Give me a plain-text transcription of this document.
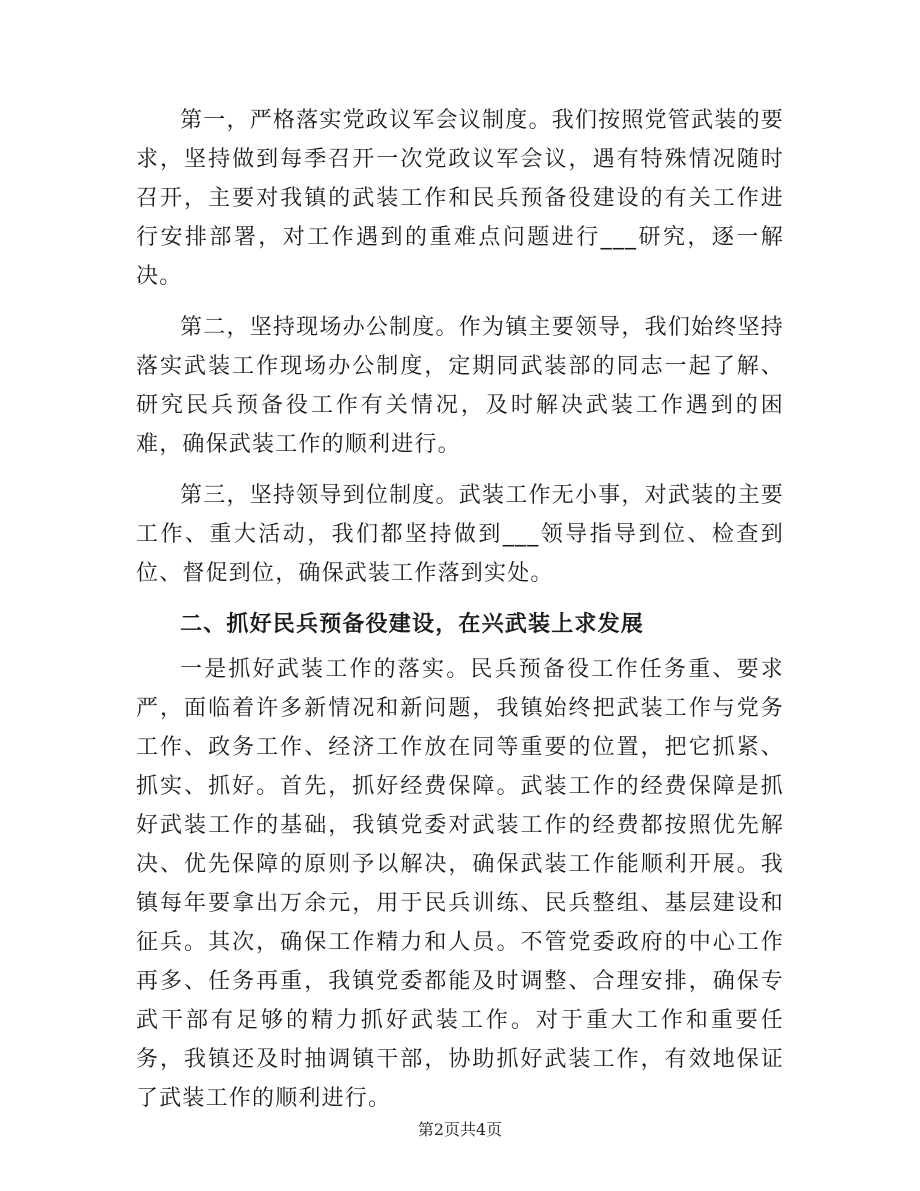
第一，严格落实党政议军会议制度。我们按照党管武装的要求，坚持做到每季召开一次党政议军会议，遇有特殊情况随时召开，主要对我镇的武装工作和民兵预备役建设的有关工作进行安排部署，对工作遇到的重难点问题进行___研究，逐一解决。

第二，坚持现场办公制度。作为镇主要领导，我们始终坚持落实武装工作现场办公制度，定期同武装部的同志一起了解、研究民兵预备役工作有关情况，及时解决武装工作遇到的困难，确保武装工作的顺利进行。

第三，坚持领导到位制度。武装工作无小事，对武装的主要工作、重大活动，我们都坚持做到___领导指导到位、检查到位、督促到位，确保武装工作落到实处。

二、抓好民兵预备役建设，在兴武装上求发展

一是抓好武装工作的落实。民兵预备役工作任务重、要求严，面临着许多新情况和新问题，我镇始终把武装工作与党务工作、政务工作、经济工作放在同等重要的位置，把它抓紧、抓实、抓好。首先，抓好经费保障。武装工作的经费保障是抓好武装工作的基础，我镇党委对武装工作的经费都按照优先解决、优先保障的原则予以解决，确保武装工作能顺利开展。我镇每年要拿出万余元，用于民兵训练、民兵整组、基层建设和征兵。其次，确保工作精力和人员。不管党委政府的中心工作再多、任务再重，我镇党委都能及时调整、合理安排，确保专武干部有足够的精力抓好武装工作。对于重大工作和重要任务，我镇还及时抽调镇干部，协助抓好武装工作，有效地保证了武装工作的顺利进行。

第2页共4页
